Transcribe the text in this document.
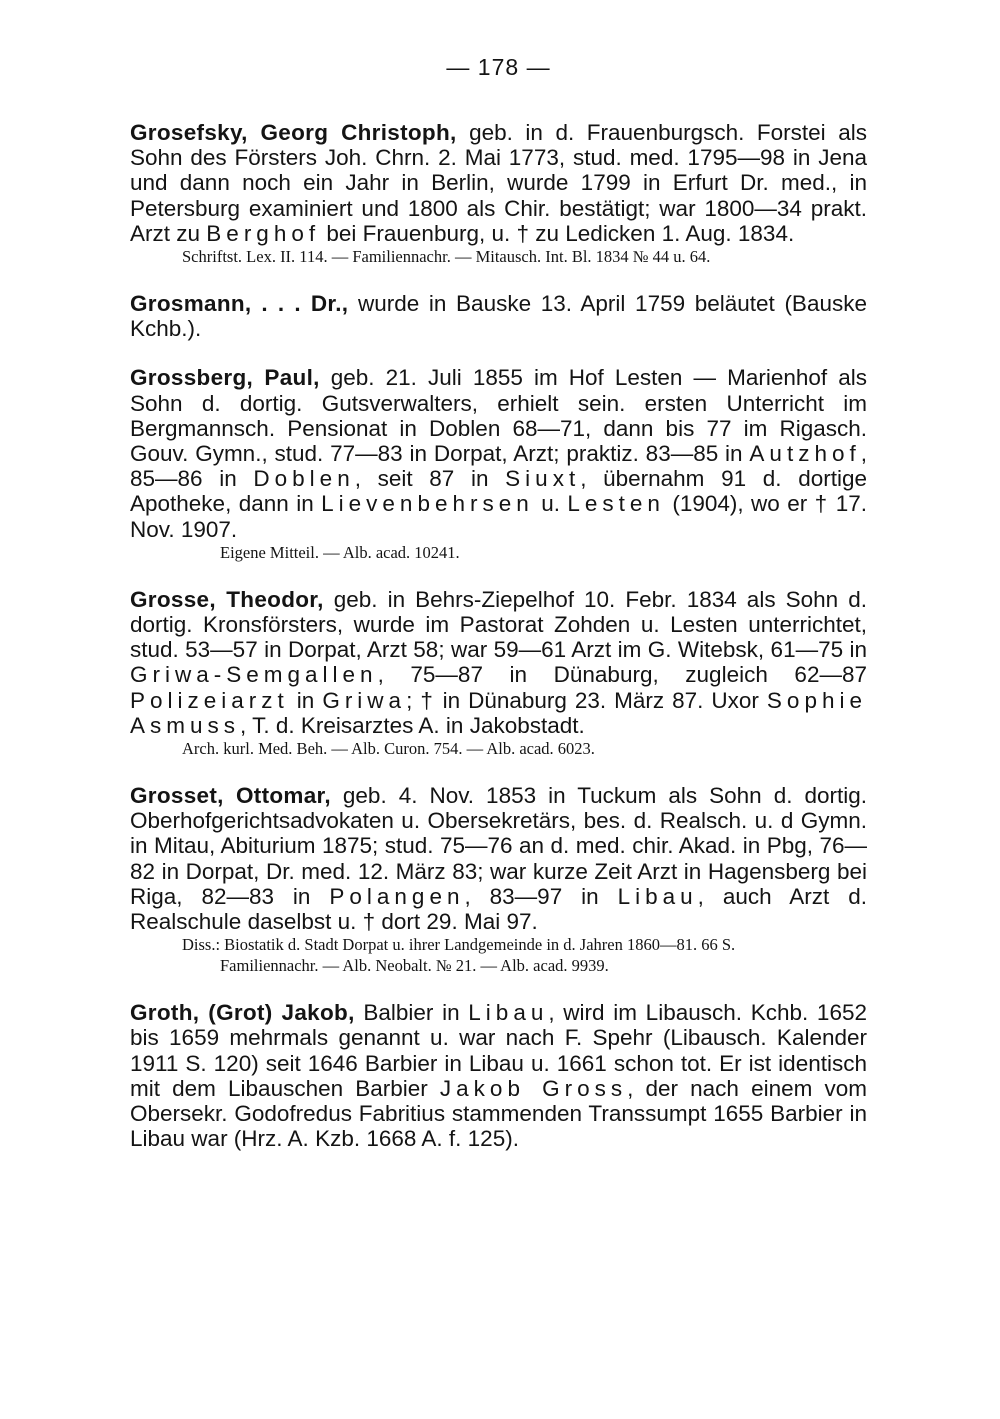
— 178 —

Grosefsky, Georg Christoph, geb. in d. Frauenburgsch. Forstei als Sohn des Försters Joh. Chrn. 2. Mai 1773, stud. med. 1795—98 in Jena und dann noch ein Jahr in Berlin, wurde 1799 in Erfurt Dr. med., in Petersburg examiniert und 1800 als Chir. bestätigt; war 1800—34 prakt. Arzt zu Berghof bei Frauenburg, u. † zu Ledicken 1. Aug. 1834.

Schriftst. Lex. II. 114. — Familiennachr. — Mitausch. Int. Bl. 1834 № 44 u. 64.

Grosmann, . . . Dr., wurde in Bauske 13. April 1759 beläutet (Bauske Kchb.).

Grossberg, Paul, geb. 21. Juli 1855 im Hof Lesten — Marienhof als Sohn d. dortig. Gutsverwalters, erhielt sein. ersten Unterricht im Bergmannsch. Pensionat in Doblen 68—71, dann bis 77 im Rigasch. Gouv. Gymn., stud. 77—83 in Dorpat, Arzt; praktiz. 83—85 in Autzhof, 85—86 in Doblen, seit 87 in Siuxt, übernahm 91 d. dortige Apotheke, dann in Lievenbehrsen u. Lesten (1904), wo er † 17. Nov. 1907.

Eigene Mitteil. — Alb. acad. 10241.

Grosse, Theodor, geb. in Behrs-Ziepelhof 10. Febr. 1834 als Sohn d. dortig. Kronsförsters, wurde im Pastorat Zohden u. Lesten unterrichtet, stud. 53—57 in Dorpat, Arzt 58; war 59—61 Arzt im G. Witebsk, 61—75 in Griwa-Semgallen, 75—87 in Dünaburg, zugleich 62—87 Polizeiarzt in Griwa; † in Dünaburg 23. März 87. Uxor Sophie Asmuss, T. d. Kreisarztes A. in Jakobstadt.

Arch. kurl. Med. Beh. — Alb. Curon. 754. — Alb. acad. 6023.

Grosset, Ottomar, geb. 4. Nov. 1853 in Tuckum als Sohn d. dortig. Oberhofgerichtsadvokaten u. Obersekretärs, bes. d. Realsch. u. d Gymn. in Mitau, Abiturium 1875; stud. 75—76 an d. med. chir. Akad. in Pbg, 76—82 in Dorpat, Dr. med. 12. März 83; war kurze Zeit Arzt in Hagensberg bei Riga, 82—83 in Polangen, 83—97 in Libau, auch Arzt d. Realschule daselbst u. † dort 29. Mai 97.

Diss.: Biostatik d. Stadt Dorpat u. ihrer Landgemeinde in d. Jahren 1860—81. 66 S.

Familiennachr. — Alb. Neobalt. № 21. — Alb. acad. 9939.

Groth, (Grot) Jakob, Balbier in Libau, wird im Libausch. Kchb. 1652 bis 1659 mehrmals genannt u. war nach F. Spehr (Libausch. Kalender 1911 S. 120) seit 1646 Barbier in Libau u. 1661 schon tot. Er ist identisch mit dem Libauschen Barbier Jakob Gross, der nach einem vom Obersekr. Godofredus Fabritius stammenden Transsumpt 1655 Barbier in Libau war (Hrz. A. Kzb. 1668 A. f. 125).
